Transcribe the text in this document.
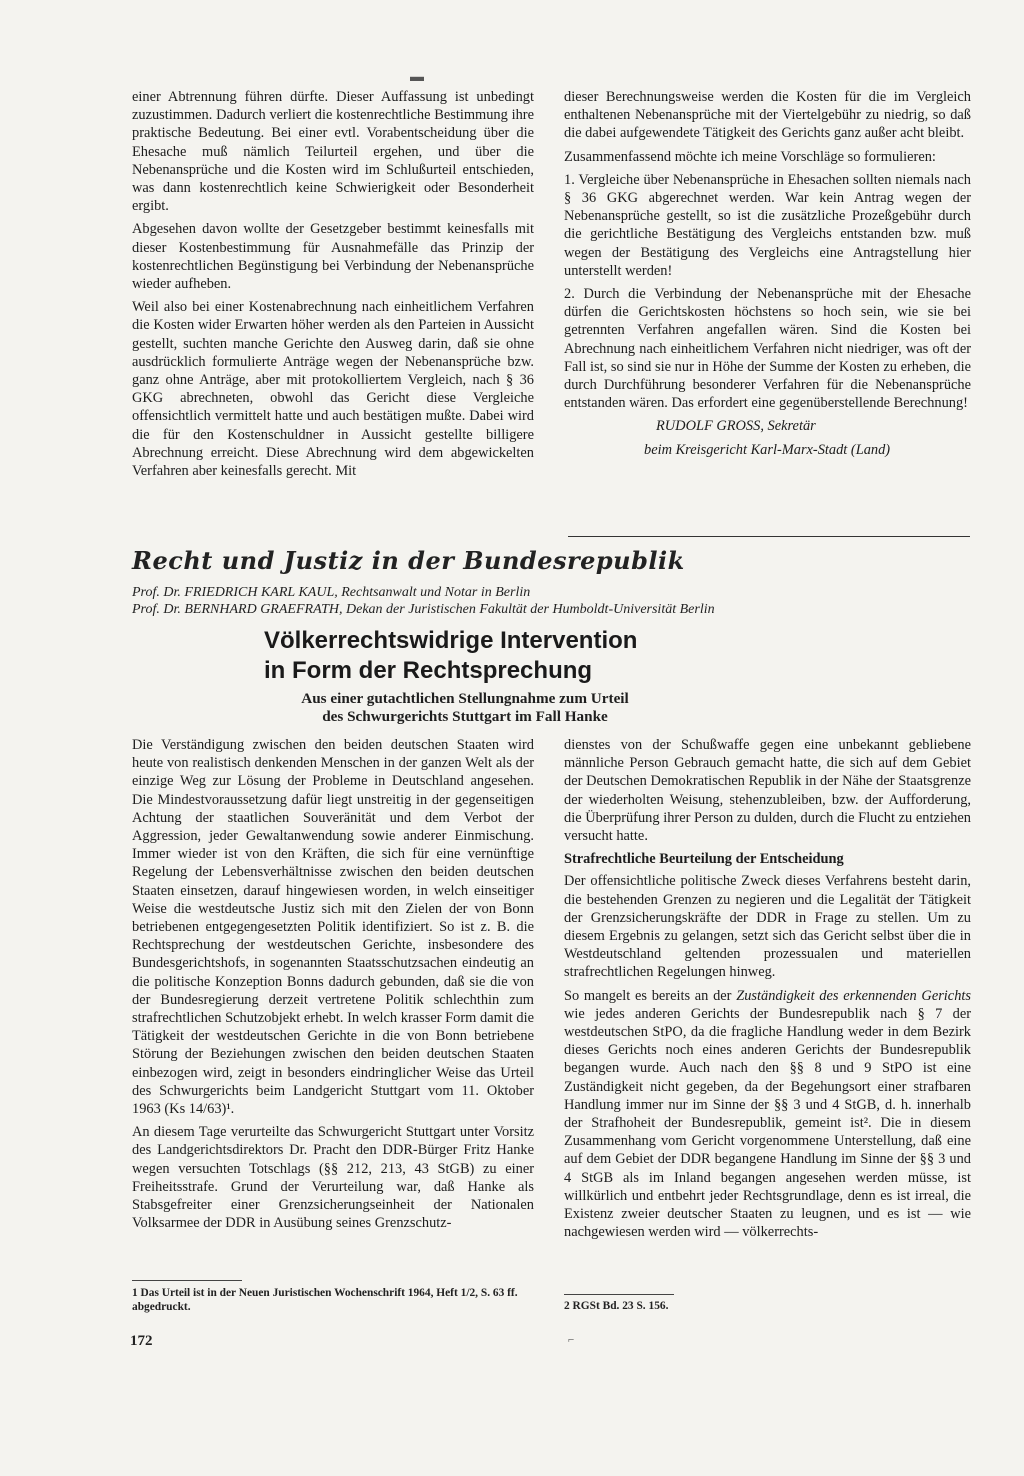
▬

einer Abtrennung führen dürfte. Dieser Auffassung ist unbedingt zuzustimmen. Dadurch verliert die kostenrechtliche Bestimmung ihre praktische Bedeutung. Bei einer evtl. Vorabentscheidung über die Ehesache muß nämlich Teilurteil ergehen, und über die Nebenansprüche und die Kosten wird im Schlußurteil entschieden, was dann kostenrechtlich keine Schwierigkeit oder Besonderheit ergibt.

Abgesehen davon wollte der Gesetzgeber bestimmt keinesfalls mit dieser Kostenbestimmung für Ausnahmefälle das Prinzip der kostenrechtlichen Begünstigung bei Verbindung der Nebenansprüche wieder aufheben.

Weil also bei einer Kostenabrechnung nach einheitlichem Verfahren die Kosten wider Erwarten höher werden als den Parteien in Aussicht gestellt, suchten manche Gerichte den Ausweg darin, daß sie ohne ausdrücklich formulierte Anträge wegen der Nebenansprüche bzw. ganz ohne Anträge, aber mit protokolliertem Vergleich, nach § 36 GKG abrechneten, obwohl das Gericht diese Vergleiche offensichtlich vermittelt hatte und auch bestätigen mußte. Dabei wird die für den Kostenschuldner in Aussicht gestellte billigere Abrechnung erreicht. Diese Abrechnung wird dem abgewickelten Verfahren aber keinesfalls gerecht. Mit

dieser Berechnungsweise werden die Kosten für die im Vergleich enthaltenen Nebenansprüche mit der Viertelgebühr zu niedrig, so daß die dabei aufgewendete Tätigkeit des Gerichts ganz außer acht bleibt.

Zusammenfassend möchte ich meine Vorschläge so formulieren:

1. Vergleiche über Nebenansprüche in Ehesachen sollten niemals nach § 36 GKG abgerechnet werden. War kein Antrag wegen der Nebenansprüche gestellt, so ist die zusätzliche Prozeßgebühr durch die gerichtliche Bestätigung des Vergleichs entstanden bzw. muß wegen der Bestätigung des Vergleichs eine Antragstellung hier unterstellt werden!

2. Durch die Verbindung der Nebenansprüche mit der Ehesache dürfen die Gerichtskosten höchstens so hoch sein, wie sie bei getrennten Verfahren angefallen wären. Sind die Kosten bei Abrechnung nach einheitlichem Verfahren nicht niedriger, was oft der Fall ist, so sind sie nur in Höhe der Summe der Kosten zu erheben, die durch Durchführung besonderer Verfahren für die Nebenansprüche entstanden wären. Das erfordert eine gegenüberstellende Berechnung!

RUDOLF GROSS, Sekretär

beim Kreisgericht Karl-Marx-Stadt (Land)

Recht und Justiz in der Bundesrepublik
Prof. Dr. FRIEDRICH KARL KAUL, Rechtsanwalt und Notar in Berlin
Prof. Dr. BERNHARD GRAEFRATH, Dekan der Juristischen Fakultät der Humboldt-Universität Berlin
Völkerrechtswidrige Intervention
in Form der Rechtsprechung
Aus einer gutachtlichen Stellungnahme zum Urteil
des Schwurgerichts Stuttgart im Fall Hanke

Die Verständigung zwischen den beiden deutschen Staaten wird heute von realistisch denkenden Menschen in der ganzen Welt als der einzige Weg zur Lösung der Probleme in Deutschland angesehen. Die Mindestvoraussetzung dafür liegt unstreitig in der gegenseitigen Achtung der staatlichen Souveränität und dem Verbot der Aggression, jeder Gewaltanwendung sowie anderer Einmischung. Immer wieder ist von den Kräften, die sich für eine vernünftige Regelung der Lebensverhältnisse zwischen den beiden deutschen Staaten einsetzen, darauf hingewiesen worden, in welch einseitiger Weise die westdeutsche Justiz sich mit den Zielen der von Bonn betriebenen entgegengesetzten Politik identifiziert. So ist z. B. die Rechtsprechung der westdeutschen Gerichte, insbesondere des Bundesgerichtshofs, in sogenannten Staatsschutzsachen eindeutig an die politische Konzeption Bonns dadurch gebunden, daß sie die von der Bundesregierung derzeit vertretene Politik schlechthin zum strafrechtlichen Schutzobjekt erhebt. In welch krasser Form damit die Tätigkeit der westdeutschen Gerichte in die von Bonn betriebene Störung der Beziehungen zwischen den beiden deutschen Staaten einbezogen wird, zeigt in besonders eindringlicher Weise das Urteil des Schwurgerichts beim Landgericht Stuttgart vom 11. Oktober 1963 (Ks 14/63)¹.

An diesem Tage verurteilte das Schwurgericht Stuttgart unter Vorsitz des Landgerichtsdirektors Dr. Pracht den DDR-Bürger Fritz Hanke wegen versuchten Totschlags (§§ 212, 213, 43 StGB) zu einer Freiheitsstrafe. Grund der Verurteilung war, daß Hanke als Stabsgefreiter einer Grenzsicherungseinheit der Nationalen Volksarmee der DDR in Ausübung seines Grenzschutz-

dienstes von der Schußwaffe gegen eine unbekannt gebliebene männliche Person Gebrauch gemacht hatte, die sich auf dem Gebiet der Deutschen Demokratischen Republik in der Nähe der Staatsgrenze der wiederholten Weisung, stehenzubleiben, bzw. der Aufforderung, die Überprüfung ihrer Person zu dulden, durch die Flucht zu entziehen versucht hatte.

Strafrechtliche Beurteilung der Entscheidung

Der offensichtliche politische Zweck dieses Verfahrens besteht darin, die bestehenden Grenzen zu negieren und die Legalität der Tätigkeit der Grenzsicherungskräfte der DDR in Frage zu stellen. Um zu diesem Ergebnis zu gelangen, setzt sich das Gericht selbst über die in Westdeutschland geltenden prozessualen und materiellen strafrechtlichen Regelungen hinweg.

So mangelt es bereits an der Zuständigkeit des erkennenden Gerichts wie jedes anderen Gerichts der Bundesrepublik nach § 7 der westdeutschen StPO, da die fragliche Handlung weder in dem Bezirk dieses Gerichts noch eines anderen Gerichts der Bundesrepublik begangen wurde. Auch nach den §§ 8 und 9 StPO ist eine Zuständigkeit nicht gegeben, da der Begehungsort einer strafbaren Handlung immer nur im Sinne der §§ 3 und 4 StGB, d. h. innerhalb der Strafhoheit der Bundesrepublik, gemeint ist². Die in diesem Zusammenhang vom Gericht vorgenommene Unterstellung, daß eine auf dem Gebiet der DDR begangene Handlung im Sinne der §§ 3 und 4 StGB als im Inland begangen angesehen werden müsse, ist willkürlich und entbehrt jeder Rechtsgrundlage, denn es ist irreal, die Existenz zweier deutscher Staaten zu leugnen, und es ist — wie nachgewiesen werden wird — völkerrechts-

1 Das Urteil ist in der Neuen Juristischen Wochenschrift 1964, Heft 1/2, S. 63 ff. abgedruckt.	2 RGSt Bd. 23 S. 156.
172	⌐
